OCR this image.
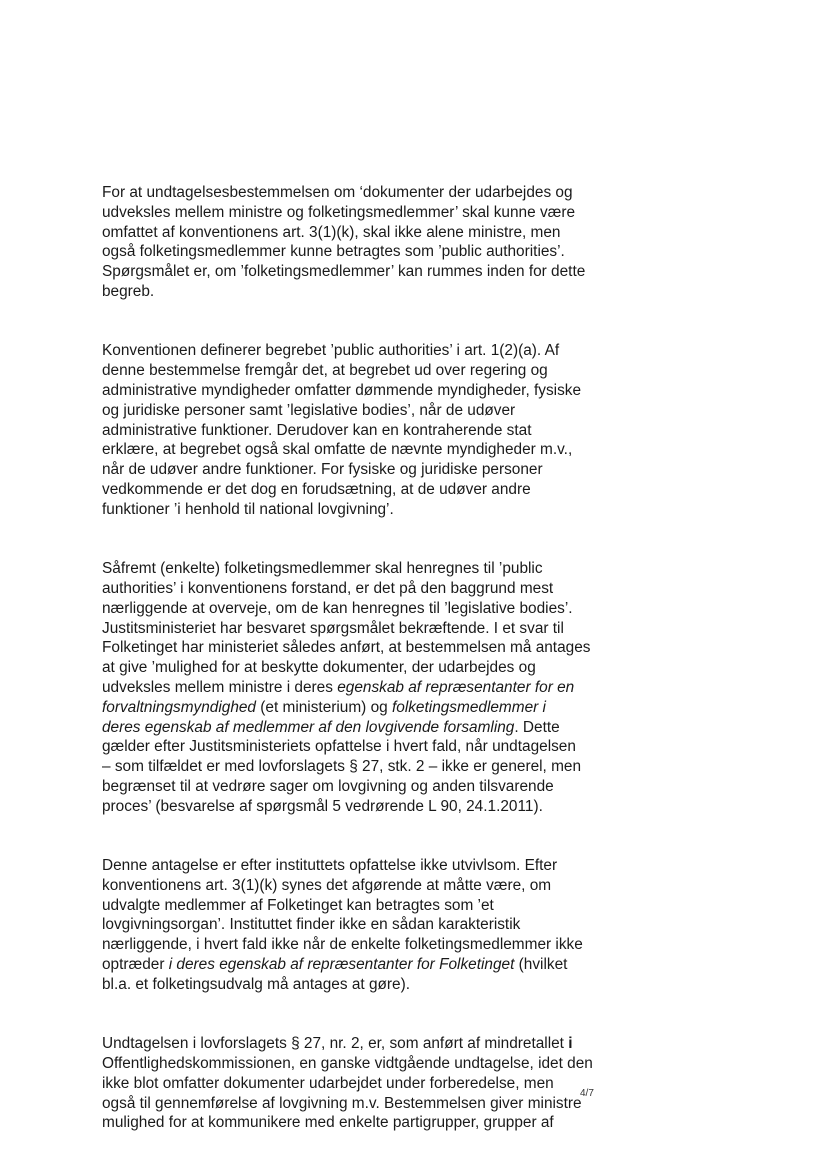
For at undtagelsesbestemmelsen om ‘dokumenter der udarbejdes og
udveksles mellem ministre og folketingsmedlemmer’ skal kunne være
omfattet af konventionens art. 3(1)(k), skal ikke alene ministre, men
også folketingsmedlemmer kunne betragtes som ’public authorities’.
Spørgsmålet er, om ’folketingsmedlemmer’ kan rummes inden for dette
begreb.
Konventionen definerer begrebet ’public authorities’ i art. 1(2)(a). Af
denne bestemmelse fremgår det, at begrebet ud over regering og
administrative myndigheder omfatter dømmende myndigheder, fysiske
og juridiske personer samt ’legislative bodies’, når de udøver
administrative funktioner. Derudover kan en kontraherende stat
erklære, at begrebet også skal omfatte de nævnte myndigheder m.v.,
når de udøver andre funktioner. For fysiske og juridiske personer
vedkommende er det dog en forudsætning, at de udøver andre
funktioner ’i henhold til national lovgivning’.
Såfremt (enkelte) folketingsmedlemmer skal henregnes til ’public
authorities’ i konventionens forstand, er det på den baggrund mest
nærliggende at overveje, om de kan henregnes til ’legislative bodies’.
Justitsministeriet har besvaret spørgsmålet bekræftende. I et svar til
Folketinget har ministeriet således anført, at bestemmelsen må antages
at give ’mulighed for at beskytte dokumenter, der udarbejdes og
udveksles mellem ministre i deres egenskab af repræsentanter for en
forvaltningsmyndighed (et ministerium) og folketingsmedlemmer i
deres egenskab af medlemmer af den lovgivende forsamling. Dette
gælder efter Justitsministeriets opfattelse i hvert fald, når undtagelsen
– som tilfældet er med lovforslagets § 27, stk. 2 – ikke er generel, men
begrænset til at vedrøre sager om lovgivning og anden tilsvarende
proces’ (besvarelse af spørgsmål 5 vedrørende L 90, 24.1.2011).
Denne antagelse er efter instituttets opfattelse ikke utvivlsom. Efter
konventionens art. 3(1)(k) synes det afgørende at måtte være, om
udvalgte medlemmer af Folketinget kan betragtes som ’et
lovgivningsorgan’. Instituttet finder ikke en sådan karakteristik
nærliggende, i hvert fald ikke når de enkelte folketingsmedlemmer ikke
optræder i deres egenskab af repræsentanter for Folketinget (hvilket
bl.a. et folketingsudvalg må antages at gøre).
Undtagelsen i lovforslagets § 27, nr. 2, er, som anført af mindretallet i
Offentlighedskommissionen, en ganske vidtgående undtagelse, idet den
ikke blot omfatter dokumenter udarbejdet under forberedelse, men
også til gennemførelse af lovgivning m.v. Bestemmelsen giver ministre
mulighed for at kommunikere med enkelte partigrupper, grupper af
4/7
